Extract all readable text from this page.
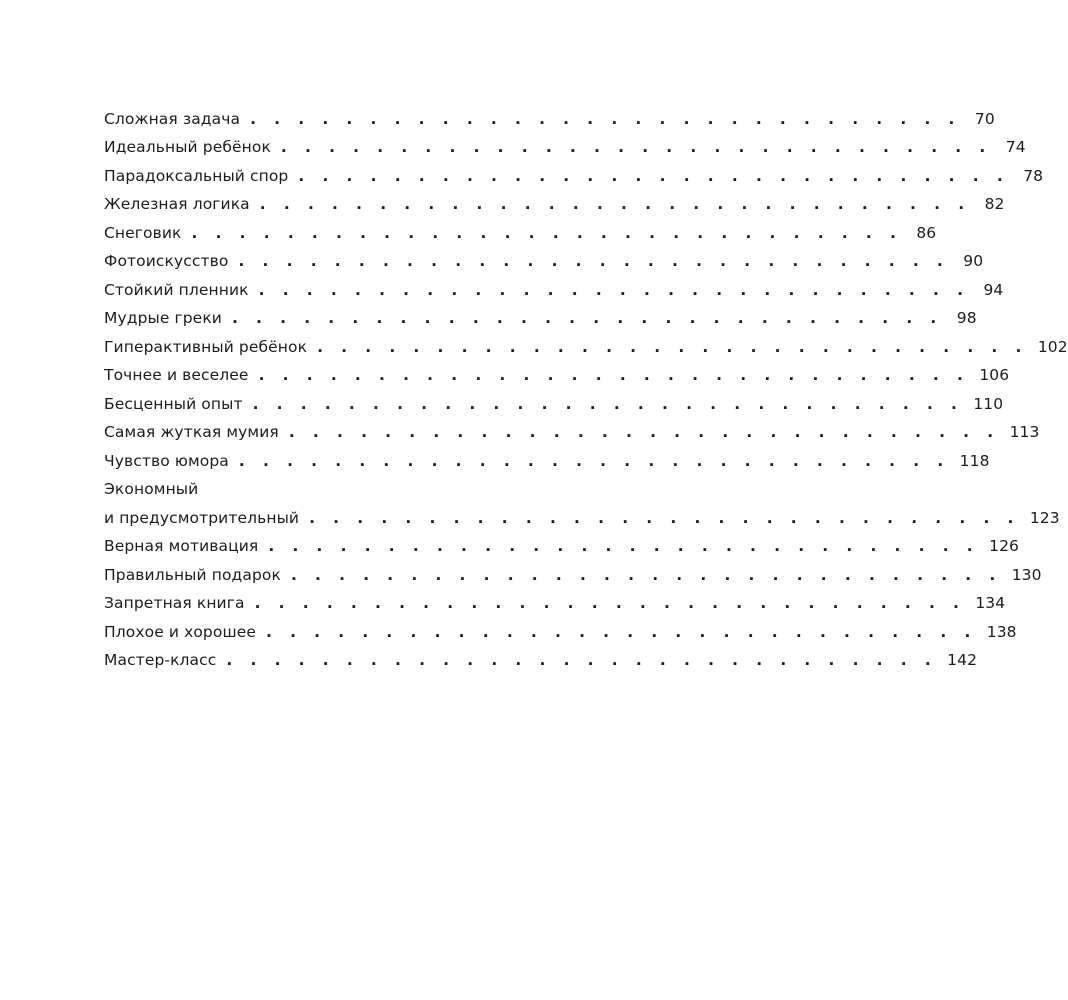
Сложная задача . . . . . . . . . . . . . . . . . . . . . . . . . . . . . . 70
Идеальный ребёнок . . . . . . . . . . . . . . . . . . . . . . . . . . . . . . 74
Парадоксальный спор . . . . . . . . . . . . . . . . . . . . . . . . . . . . . . 78
Железная логика . . . . . . . . . . . . . . . . . . . . . . . . . . . . . . 82
Снеговик . . . . . . . . . . . . . . . . . . . . . . . . . . . . . . 86
Фотоискусство . . . . . . . . . . . . . . . . . . . . . . . . . . . . . . 90
Стойкий пленник . . . . . . . . . . . . . . . . . . . . . . . . . . . . . . 94
Мудрые греки . . . . . . . . . . . . . . . . . . . . . . . . . . . . . . 98
Гиперактивный ребёнок . . . . . . . . . . . . . . . . . . . . . . . . . . . . . . 102
Точнее и веселее . . . . . . . . . . . . . . . . . . . . . . . . . . . . . . 106
Бесценный опыт . . . . . . . . . . . . . . . . . . . . . . . . . . . . . . 110
Самая жуткая мумия . . . . . . . . . . . . . . . . . . . . . . . . . . . . . . 113
Чувство юмора . . . . . . . . . . . . . . . . . . . . . . . . . . . . . . 118
Экономный
и предусмотрительный . . . . . . . . . . . . . . . . . . . . . . . . . . . . . . 123
Верная мотивация . . . . . . . . . . . . . . . . . . . . . . . . . . . . . . 126
Правильный подарок . . . . . . . . . . . . . . . . . . . . . . . . . . . . . . 130
Запретная книга . . . . . . . . . . . . . . . . . . . . . . . . . . . . . . 134
Плохое и хорошее . . . . . . . . . . . . . . . . . . . . . . . . . . . . . . 138
Мастер-класс . . . . . . . . . . . . . . . . . . . . . . . . . . . . . . 142
